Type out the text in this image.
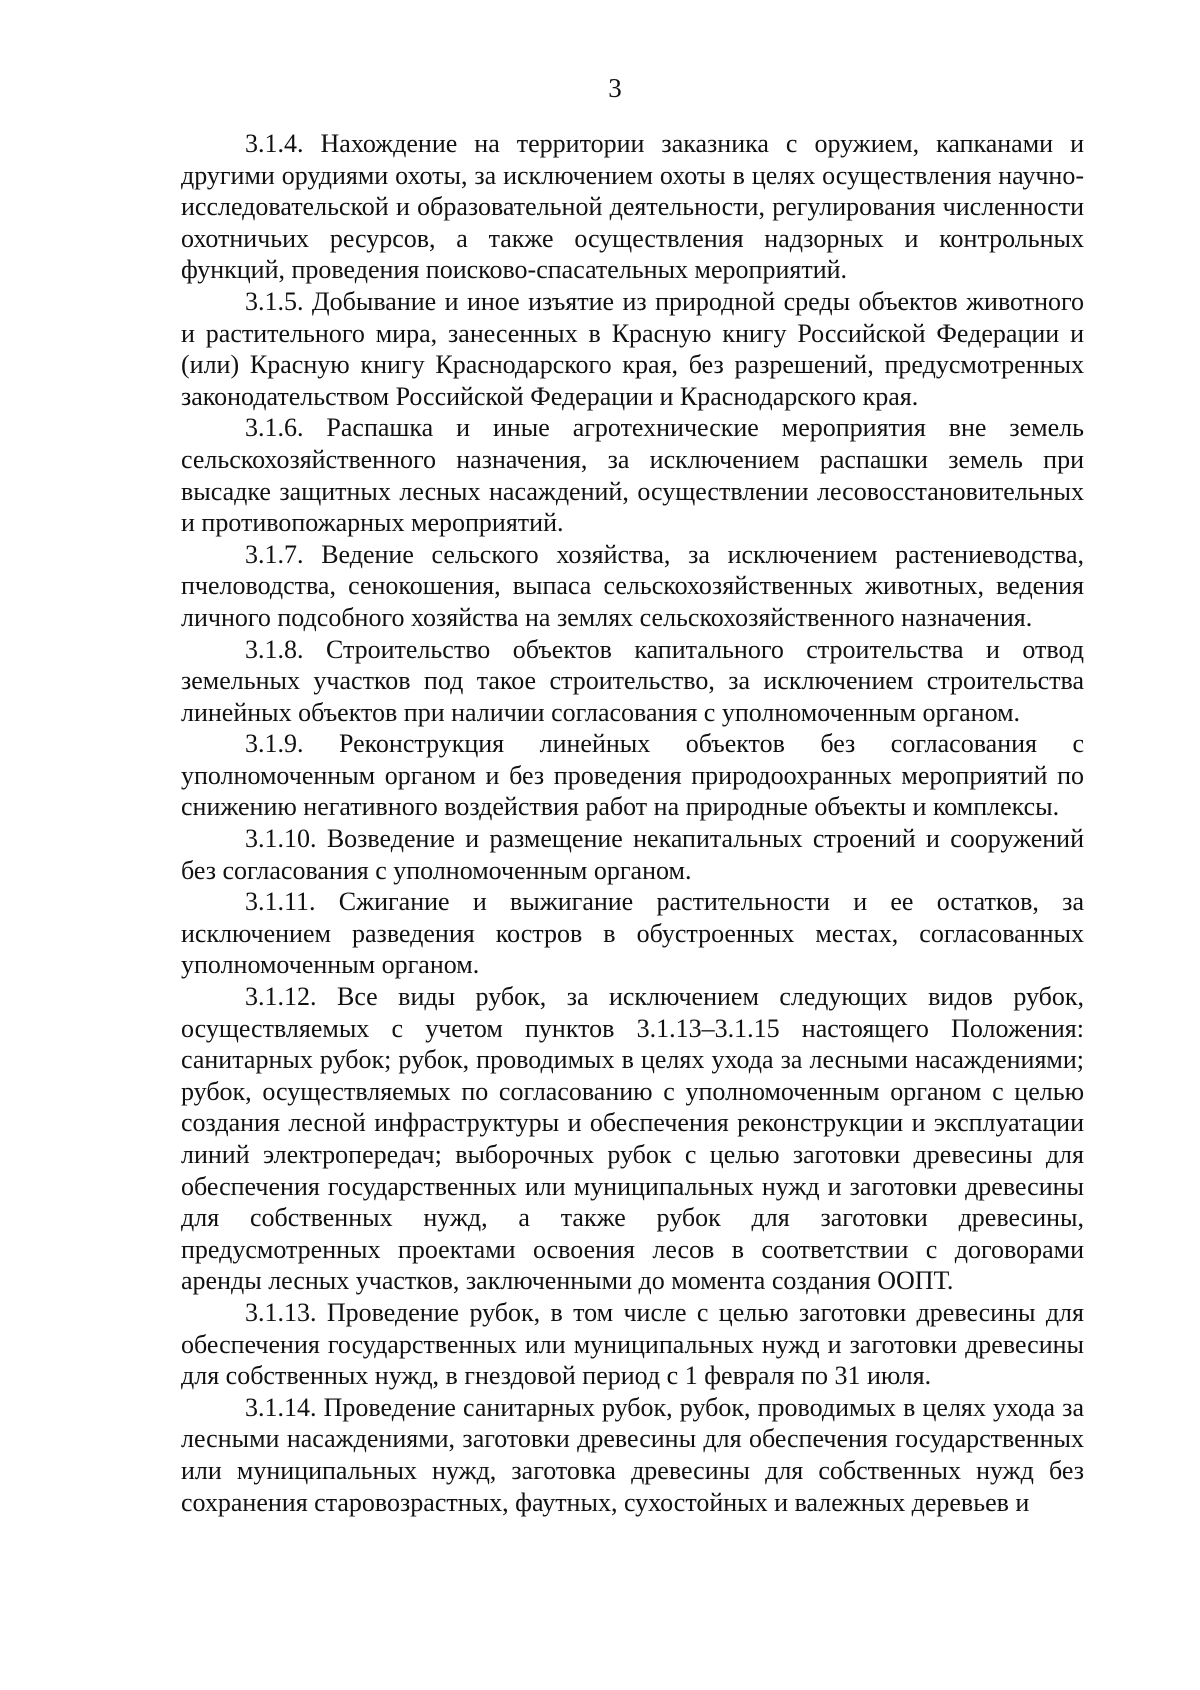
3

3.1.4. Нахождение на территории заказника с оружием, капканами и другими орудиями охоты, за исключением охоты в целях осуществления научно-исследовательской и образовательной деятельности, регулирования численности охотничьих ресурсов, а также осуществления надзорных и контрольных функций, проведения поисково-спасательных мероприятий.

3.1.5. Добывание и иное изъятие из природной среды объектов животного и растительного мира, занесенных в Красную книгу Российской Федерации и (или) Красную книгу Краснодарского края, без разрешений, предусмотренных законодательством Российской Федерации и Краснодарского края.

3.1.6. Распашка и иные агротехнические мероприятия вне земель сельскохозяйственного назначения, за исключением распашки земель при высадке защитных лесных насаждений, осуществлении лесовосстановительных и противопожарных мероприятий.

3.1.7. Ведение сельского хозяйства, за исключением растениеводства, пчеловодства, сенокошения, выпаса сельскохозяйственных животных, ведения личного подсобного хозяйства на землях сельскохозяйственного назначения.

3.1.8. Строительство объектов капитального строительства и отвод земельных участков под такое строительство, за исключением строительства линейных объектов при наличии согласования с уполномоченным органом.

3.1.9. Реконструкция линейных объектов без согласования с уполномоченным органом и без проведения природоохранных мероприятий по снижению негативного воздействия работ на природные объекты и комплексы.

3.1.10. Возведение и размещение некапитальных строений и сооружений без согласования с уполномоченным органом.

3.1.11. Сжигание и выжигание растительности и ее остатков, за исключением разведения костров в обустроенных местах, согласованных уполномоченным органом.

3.1.12. Все виды рубок, за исключением следующих видов рубок, осуществляемых с учетом пунктов 3.1.13–3.1.15 настоящего Положения: санитарных рубок; рубок, проводимых в целях ухода за лесными насаждениями; рубок, осуществляемых по согласованию с уполномоченным органом с целью создания лесной инфраструктуры и обеспечения реконструкции и эксплуатации линий электропередач; выборочных рубок с целью заготовки древесины для обеспечения государственных или муниципальных нужд и заготовки древесины для собственных нужд, а также рубок для заготовки древесины, предусмотренных проектами освоения лесов в соответствии с договорами аренды лесных участков, заключенными до момента создания ООПТ.

3.1.13. Проведение рубок, в том числе с целью заготовки древесины для обеспечения государственных или муниципальных нужд и заготовки древесины для собственных нужд, в гнездовой период с 1 февраля по 31 июля.

3.1.14. Проведение санитарных рубок, рубок, проводимых в целях ухода за лесными насаждениями, заготовки древесины для обеспечения государственных или муниципальных нужд, заготовка древесины для собственных нужд без сохранения старовозрастных, фаутных, сухостойных и валежных деревьев и
